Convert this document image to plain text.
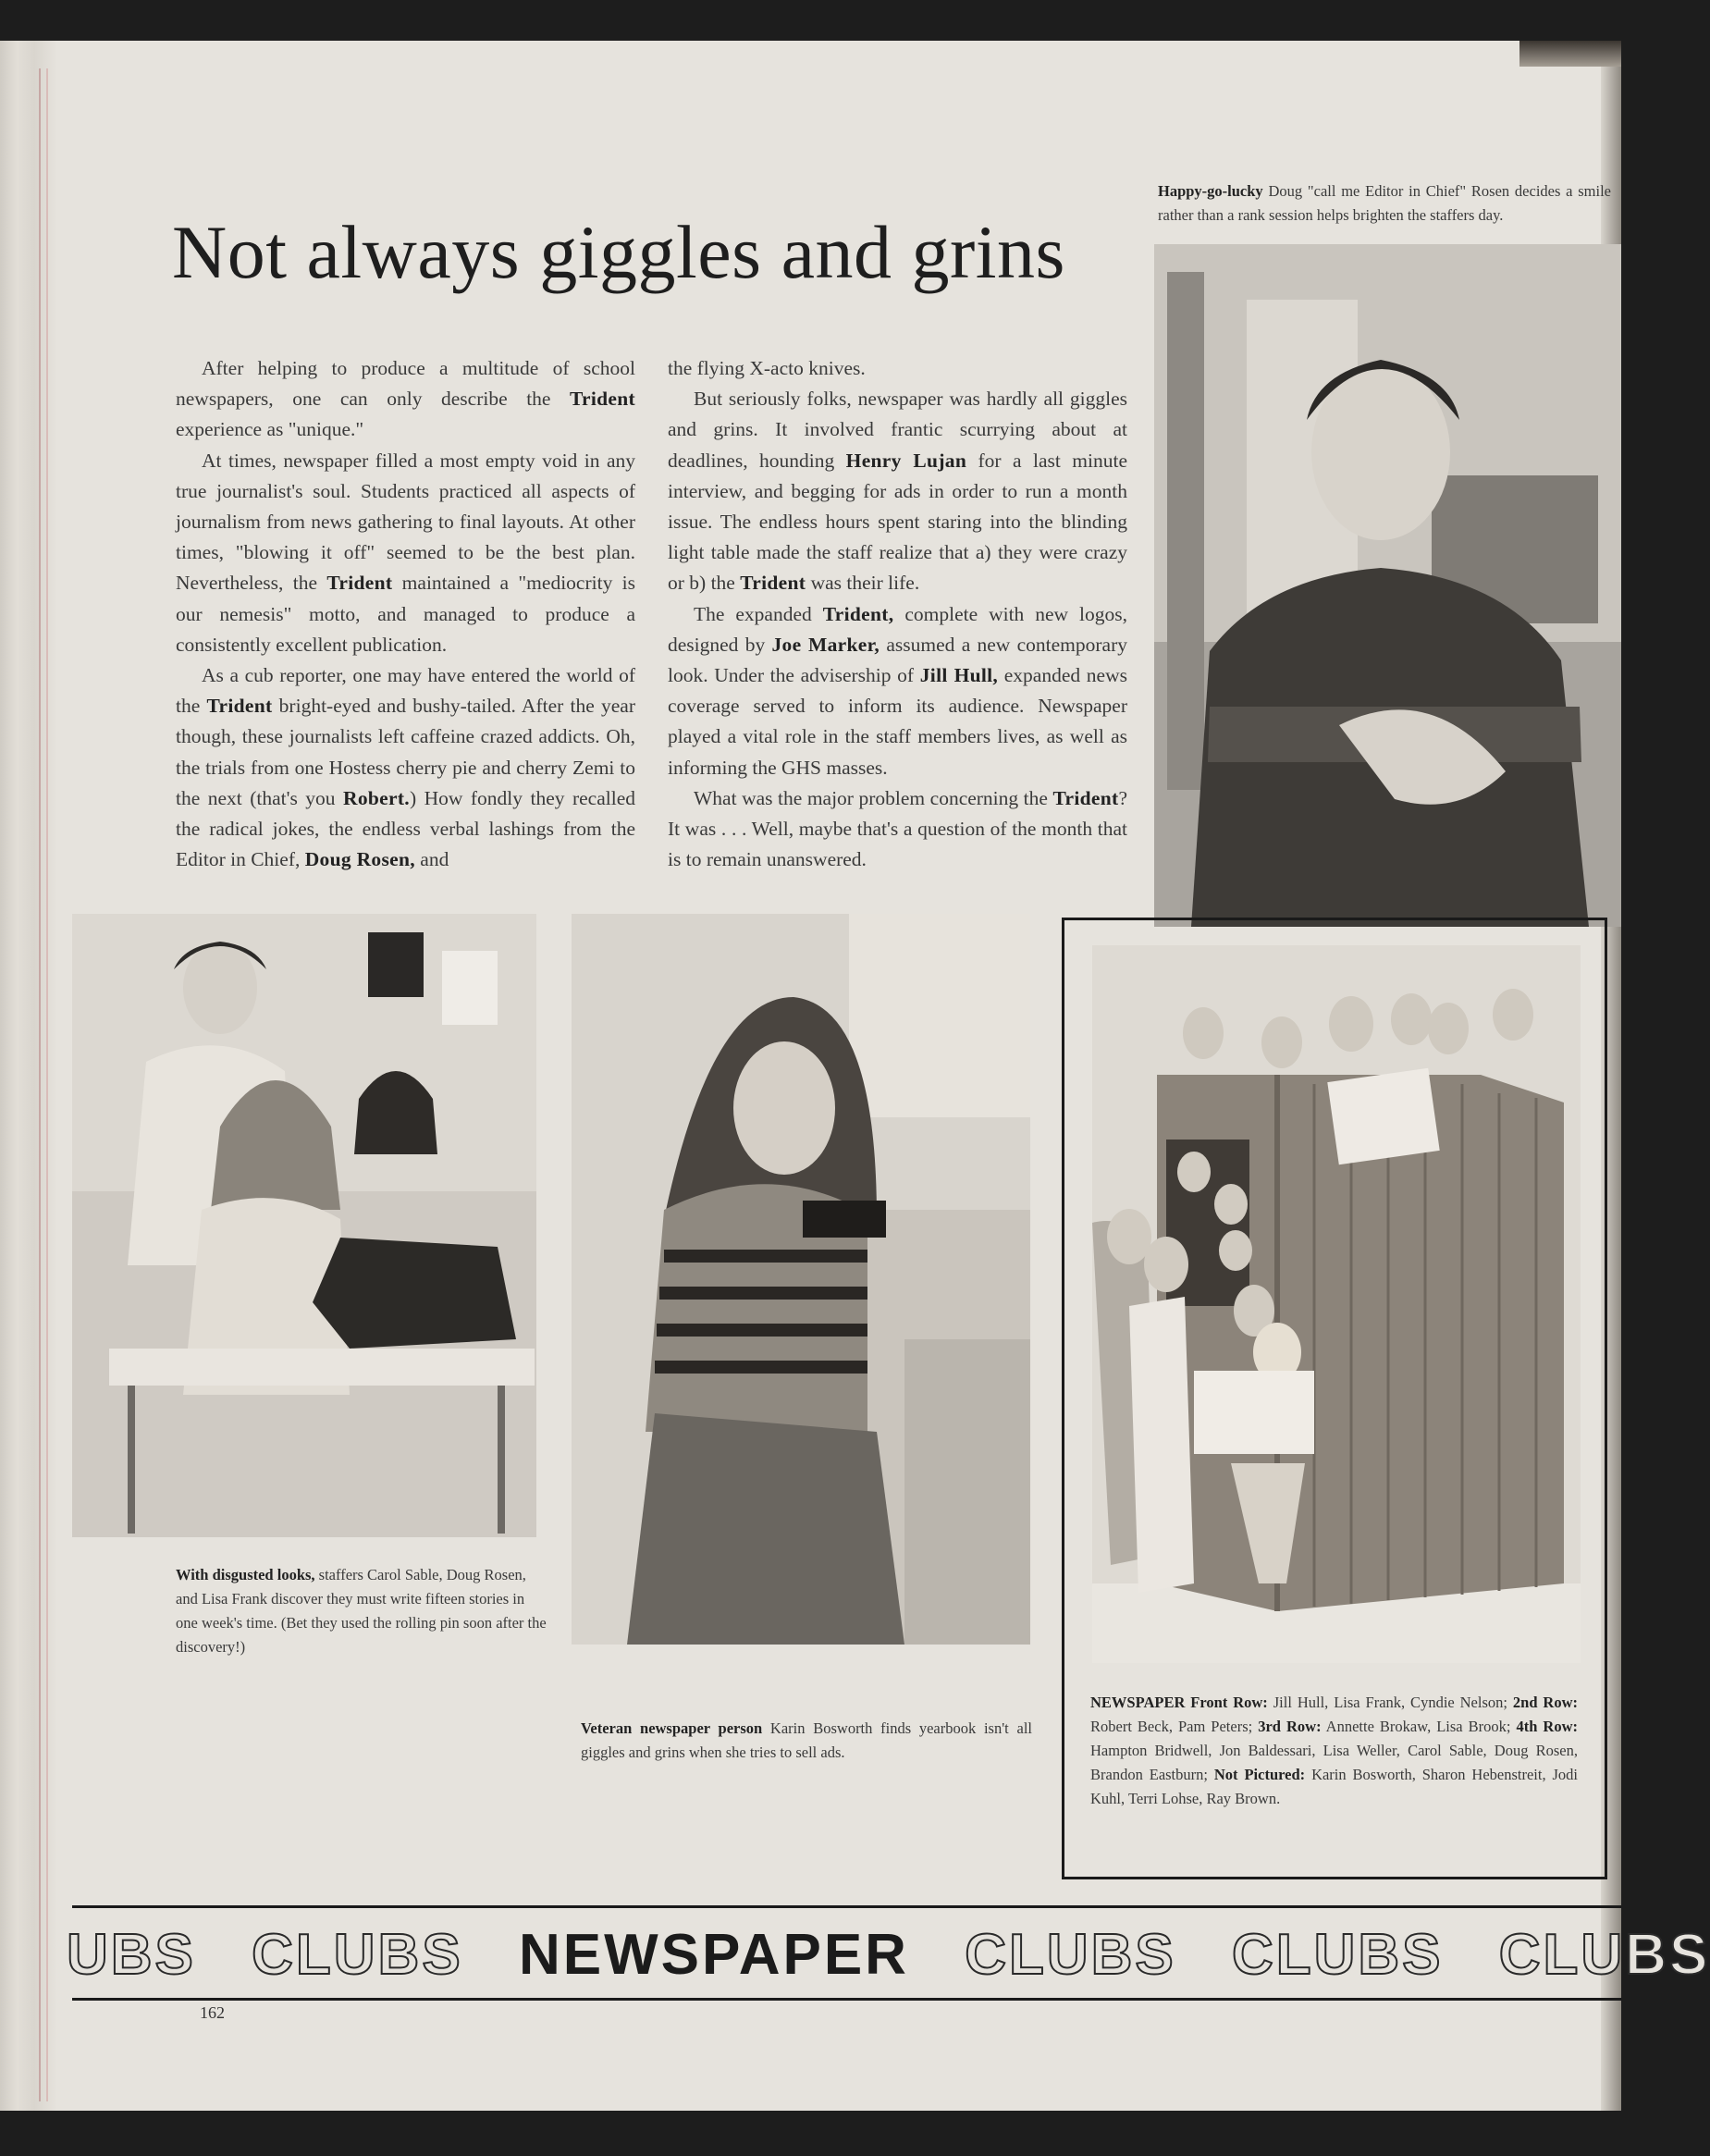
Not always giggles and grins

After helping to produce a multitude of school newspapers, one can only describe the Trident experience as "unique."

At times, newspaper filled a most empty void in any true journalist's soul. Students practiced all aspects of journalism from news gathering to final layouts. At other times, "blowing it off" seemed to be the best plan. Nevertheless, the Trident maintained a "mediocrity is our nemesis" motto, and managed to produce a consistently excellent publication.

As a cub reporter, one may have entered the world of the Trident bright-eyed and bushy-tailed. After the year though, these journalists left caffeine crazed addicts. Oh, the trials from one Hostess cherry pie and cherry Zemi to the next (that's you Robert.) How fondly they recalled the radical jokes, the endless verbal lashings from the Editor in Chief, Doug Rosen, and

the flying X-acto knives.

But seriously folks, newspaper was hardly all giggles and grins. It involved frantic scurrying about at deadlines, hounding Henry Lujan for a last minute interview, and begging for ads in order to run a month issue. The endless hours spent staring into the blinding light table made the staff realize that a) they were crazy or b) the Trident was their life.

The expanded Trident, complete with new logos, designed by Joe Marker, assumed a new contemporary look. Under the advisership of Jill Hull, expanded news coverage served to inform its audience. Newspaper played a vital role in the staff members lives, as well as informing the GHS masses.

What was the major problem concerning the Trident? It was . . . Well, maybe that's a question of the month that is to remain unanswered.

Happy-go-lucky Doug "call me Editor in Chief" Rosen decides a smile rather than a rank session helps brighten the staffers day.
With disgusted looks, staffers Carol Sable, Doug Rosen, and Lisa Frank discover they must write fifteen stories in one week's time. (Bet they used the rolling pin soon after the discovery!)
Veteran newspaper person Karin Bosworth finds yearbook isn't all giggles and grins when she tries to sell ads.
NEWSPAPER Front Row: Jill Hull, Lisa Frank, Cyndie Nelson; 2nd Row: Robert Beck, Pam Peters; 3rd Row: Annette Brokaw, Lisa Brook; 4th Row: Hampton Bridwell, Jon Baldessari, Lisa Weller, Carol Sable, Doug Rosen, Brandon Eastburn; Not Pictured: Karin Bosworth, Sharon Hebenstreit, Jodi Kuhl, Terri Lohse, Ray Brown.
UBS CLUBS NEWSPAPER CLUBS CLUBS CLUBS
162
